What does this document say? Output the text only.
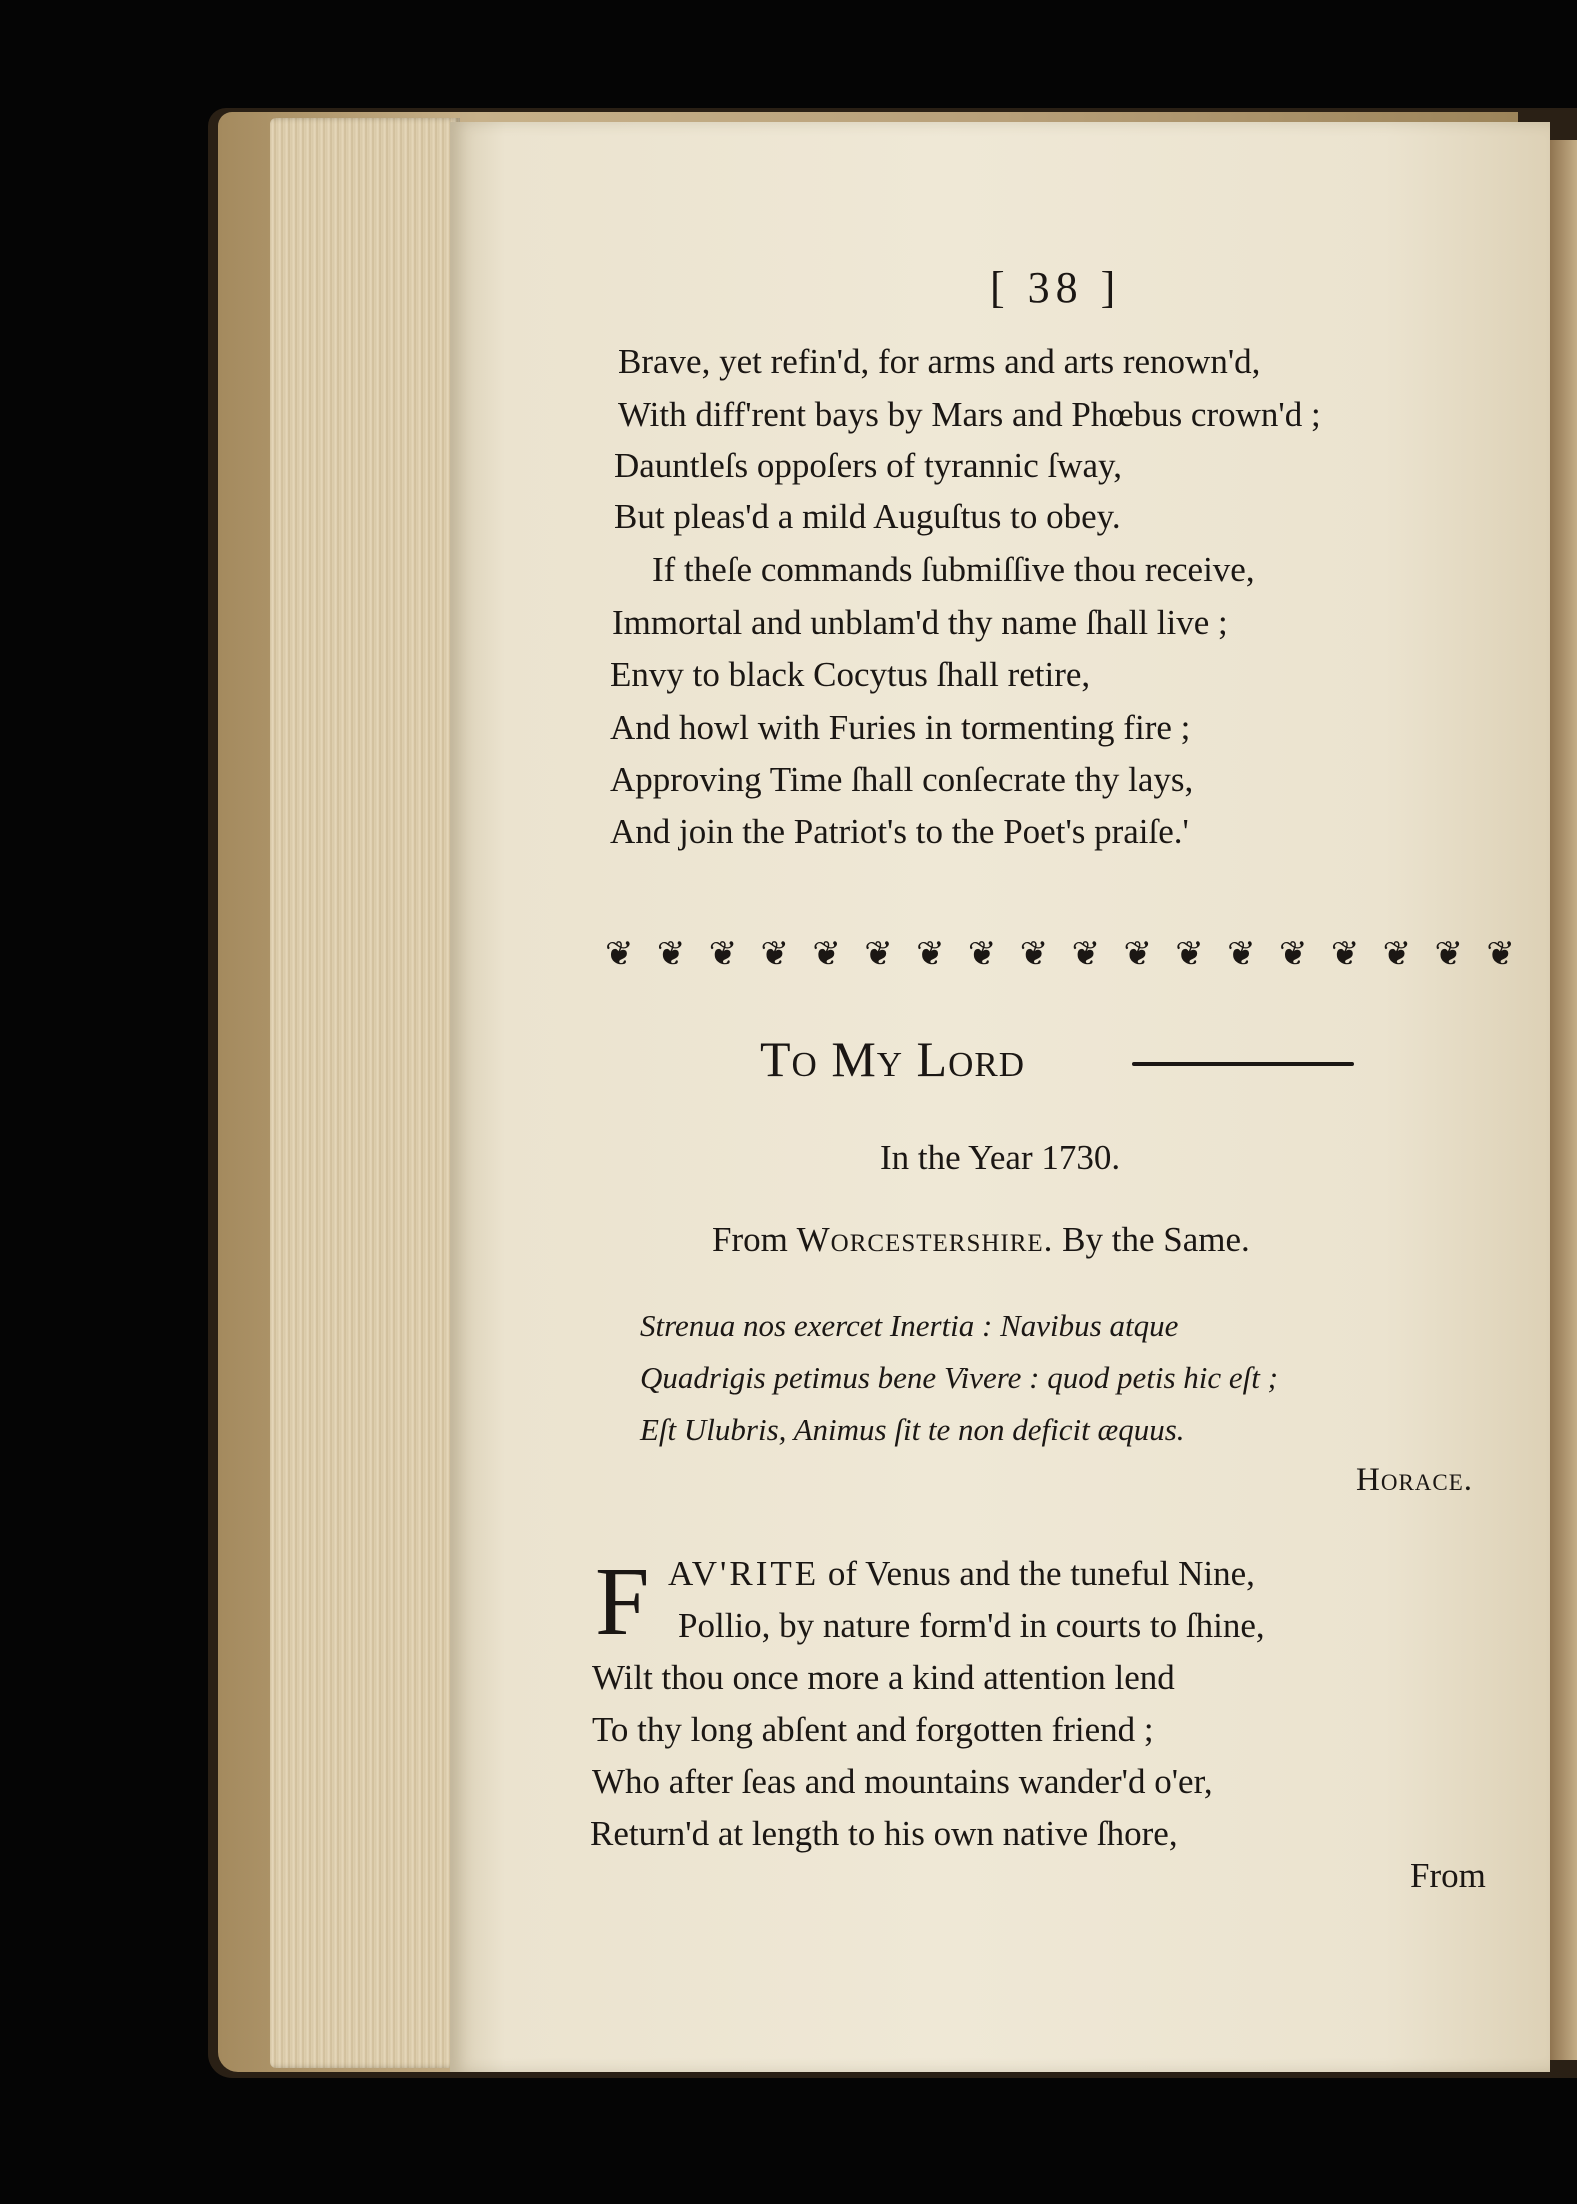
[ 38 ]
Brave, yet refin'd, for arms and arts renown'd,
With diff'rent bays by Mars and Phœbus crown'd ;
Dauntleſs oppoſers of tyrannic ſway,
But pleas'd a mild Auguſtus to obey.
If theſe commands ſubmiſſive thou receive,
Immortal and unblam'd thy name ſhall live ;
Envy to black Cocytus ſhall retire,
And howl with Furies in tormenting fire ;
Approving Time ſhall conſecrate thy lays,
And join the Patriot's to the Poet's praiſe.'
❦ ❦ ❦ ❦ ❦ ❦ ❦ ❦ ❦ ❦ ❦ ❦ ❦ ❦ ❦ ❦ ❦ ❦
To My Lord
In the Year 1730.
From Worcestershire. By the Same.
Strenua nos exercet Inertia : Navibus atque
Quadrigis petimus bene Vivere : quod petis hic eſt ;
Eſt Ulubris, Animus ſit te non deficit æquus.
Horace.
F AV'RITE of Venus and the tuneful Nine,
Pollio, by nature form'd in courts to ſhine,
Wilt thou once more a kind attention lend
To thy long abſent and forgotten friend ;
Who after ſeas and mountains wander'd o'er,
Return'd at length to his own native ſhore,
From
